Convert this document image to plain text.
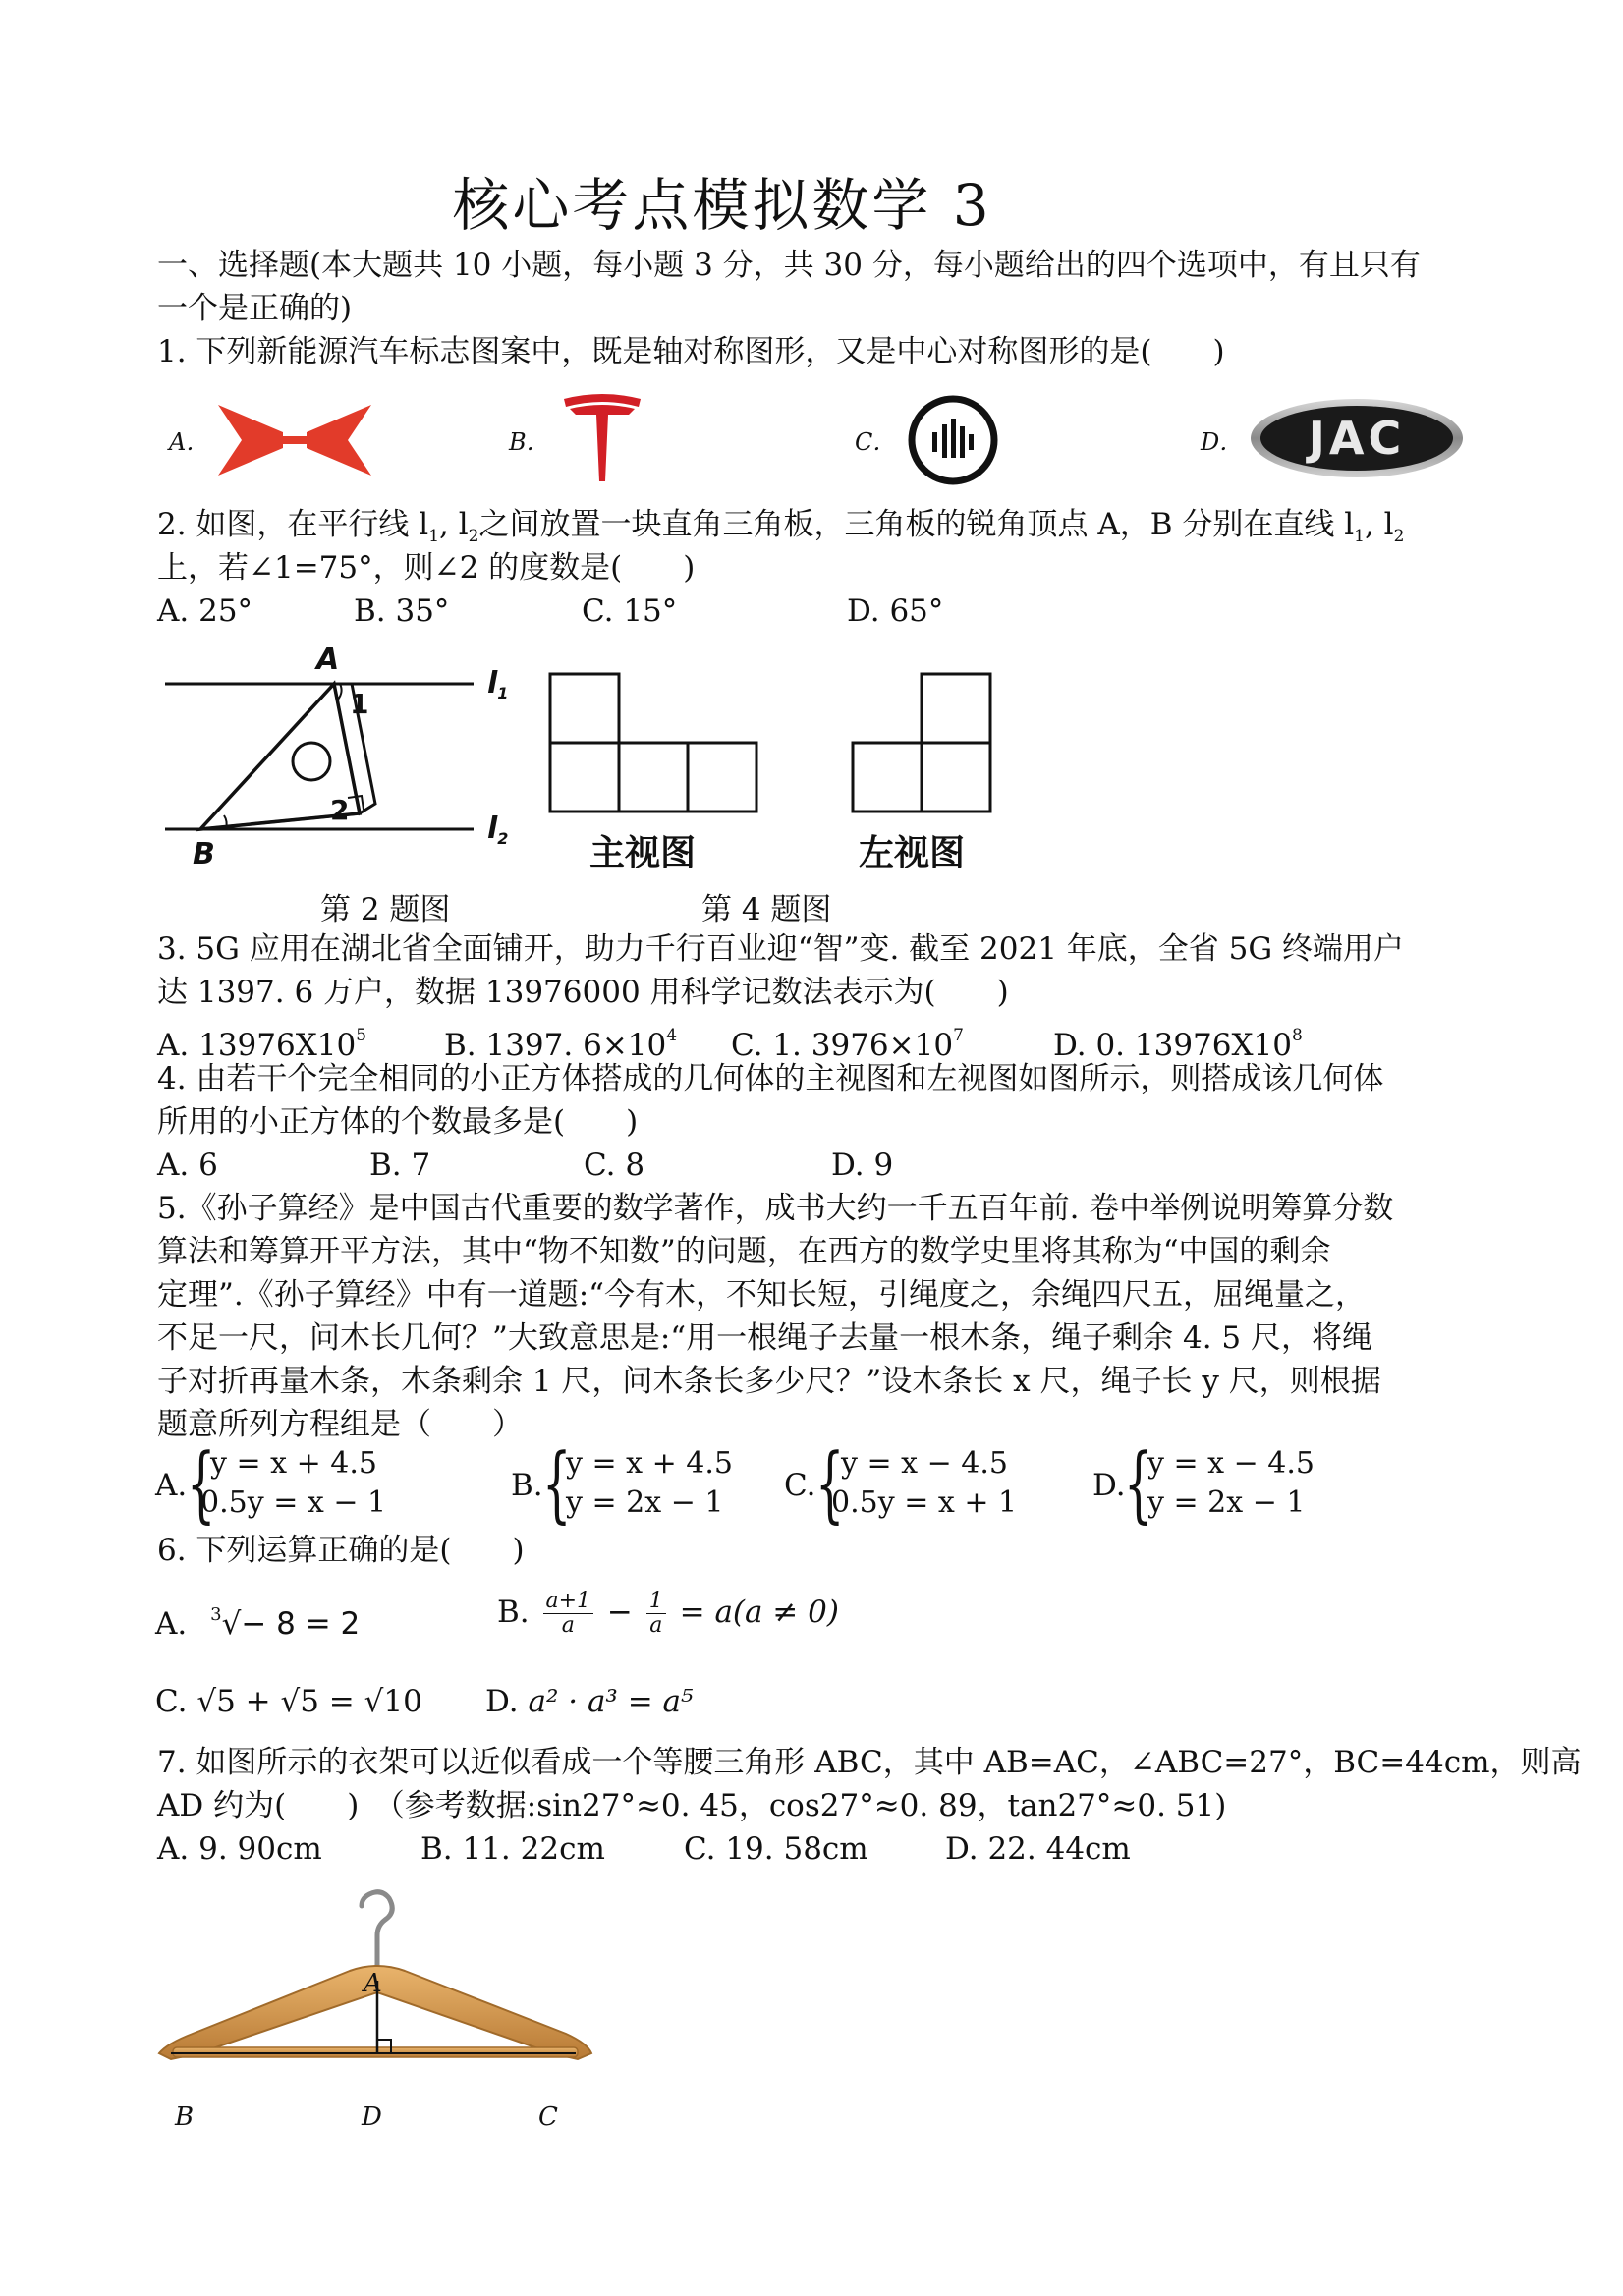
核心考点模拟数学 3
一、选择题(本大题共 10 小题，每小题 3 分，共 30 分，每小题给出的四个选项中，有且只有
一个是正确的)
1. 下列新能源汽车标志图案中，既是轴对称图形，又是中心对称图形的是(　　)
A．	B．	C．	D． JAC
2. 如图，在平行线 $l_1$, $l_2$之间放置一块直角三角板，三角板的锐角顶点 A，B 分别在直线 $l_1$, $l_2$
上，若∠1=75°，则∠2 的度数是(　　)
A. 25°	B. 35°	C. 15°	D. 65°
A
1
2
B
$l_1$
$l_2$ 主视图	左视图
第 2 题图	第 4 题图
3. 5G 应用在湖北省全面铺开，助力千行百业迎“智”变. 截至 2021 年底，全省 5G 终端用户
达 1397. 6 万户，数据 13976000 用科学记数法表示为(　　)
A. $13976X10^5$	B. 1397. $6\times 10^4$ C. 1. $3976\times 10^7$	D. 0. $13976X10^8$
4. 由若干个完全相同的小正方体搭成的几何体的主视图和左视图如图所示，则搭成该几何体
所用的小正方体的个数最多是(　　)
A. 6	B. 7	C. 8	D. 9
5.《孙子算经》是中国古代重要的数学著作，成书大约一千五百年前. 卷中举例说明筹算分数
算法和筹算开平方法，其中“物不知数”的问题，在西方的数学史里将其称为“中国的剩余
定理”.《孙子算经》中有一道题:“今有木，不知长短，引绳度之，余绳四尺五，屈绳量之，
不足一尺，问木长几何？”大致意思是:“用一根绳子去量一根木条，绳子剩余 4. 5 尺，将绳
子对折再量木条，木条剩余 1 尺，问木条长多少尺？”设木条长 x 尺，绳子长 y 尺，则根据
题意所列方程组是（　　）
A. {
y = x + 4.5
0.5y = x − 1	B. {
y = x + 4.5
y = 2x − 1 C. {
y = x − 4.5
0.5y = x + 1 D.
{
y = x − 4.5
y = 2x − 1
6. 下列运算正确的是(　　)
A. $^3$√− 8 = 2	B. $\frac{a+1}{a} - \frac{1}{a} = a(a \ne 0)$
C. √5 + √5 = √10 D. a² · a³ = a⁵
7. 如图所示的衣架可以近似看成一个等腰三角形 ABC，其中 AB=AC，∠ABC=27°，BC=44cm，则高
AD 约为(　　)　（参考数据:sin27°≈0. 45，cos27°≈0. 89，tan27°≈0. 51)
A. 9. 90cm	B. 11. 22cm	C. 19. 58cm	D. 22. 44cm
A
B	D	C
